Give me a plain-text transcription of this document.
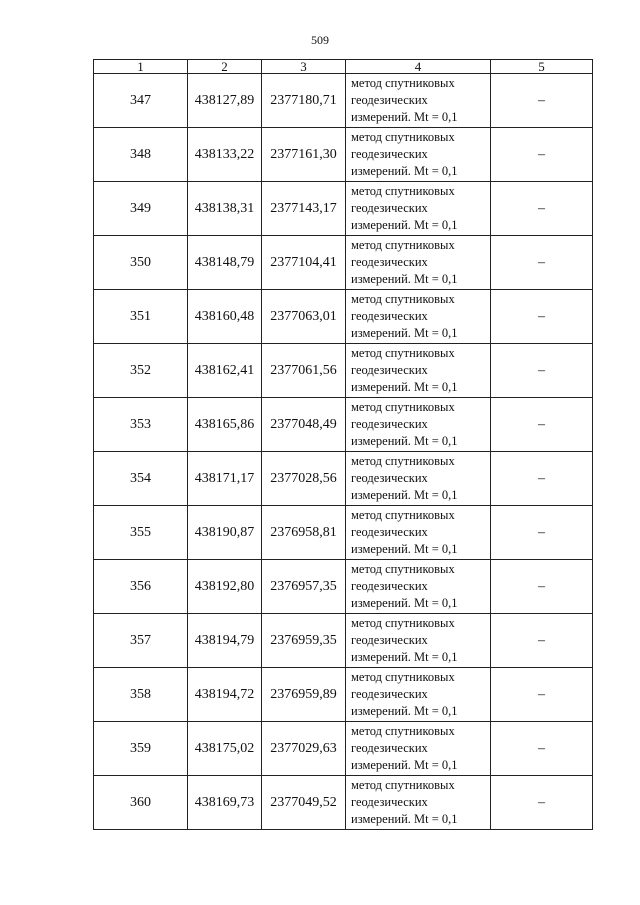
509
1	2	3	4	5
347	438127,89	2377180,71	метод спутниковых
геодезических
измерений. Mt = 0,1	–
348	438133,22	2377161,30	метод спутниковых
геодезических
измерений. Mt = 0,1	–
349	438138,31	2377143,17	метод спутниковых
геодезических
измерений. Mt = 0,1	–
350	438148,79	2377104,41	метод спутниковых
геодезических
измерений. Mt = 0,1	–
351	438160,48	2377063,01	метод спутниковых
геодезических
измерений. Mt = 0,1	–
352	438162,41	2377061,56	метод спутниковых
геодезических
измерений. Mt = 0,1	–
353	438165,86	2377048,49	метод спутниковых
геодезических
измерений. Mt = 0,1	–
354	438171,17	2377028,56	метод спутниковых
геодезических
измерений. Mt = 0,1	–
355	438190,87	2376958,81	метод спутниковых
геодезических
измерений. Mt = 0,1	–
356	438192,80	2376957,35	метод спутниковых
геодезических
измерений. Mt = 0,1	–
357	438194,79	2376959,35	метод спутниковых
геодезических
измерений. Mt = 0,1	–
358	438194,72	2376959,89	метод спутниковых
геодезических
измерений. Mt = 0,1	–
359	438175,02	2377029,63	метод спутниковых
геодезических
измерений. Mt = 0,1	–
360	438169,73	2377049,52	метод спутниковых
геодезических
измерений. Mt = 0,1	–
